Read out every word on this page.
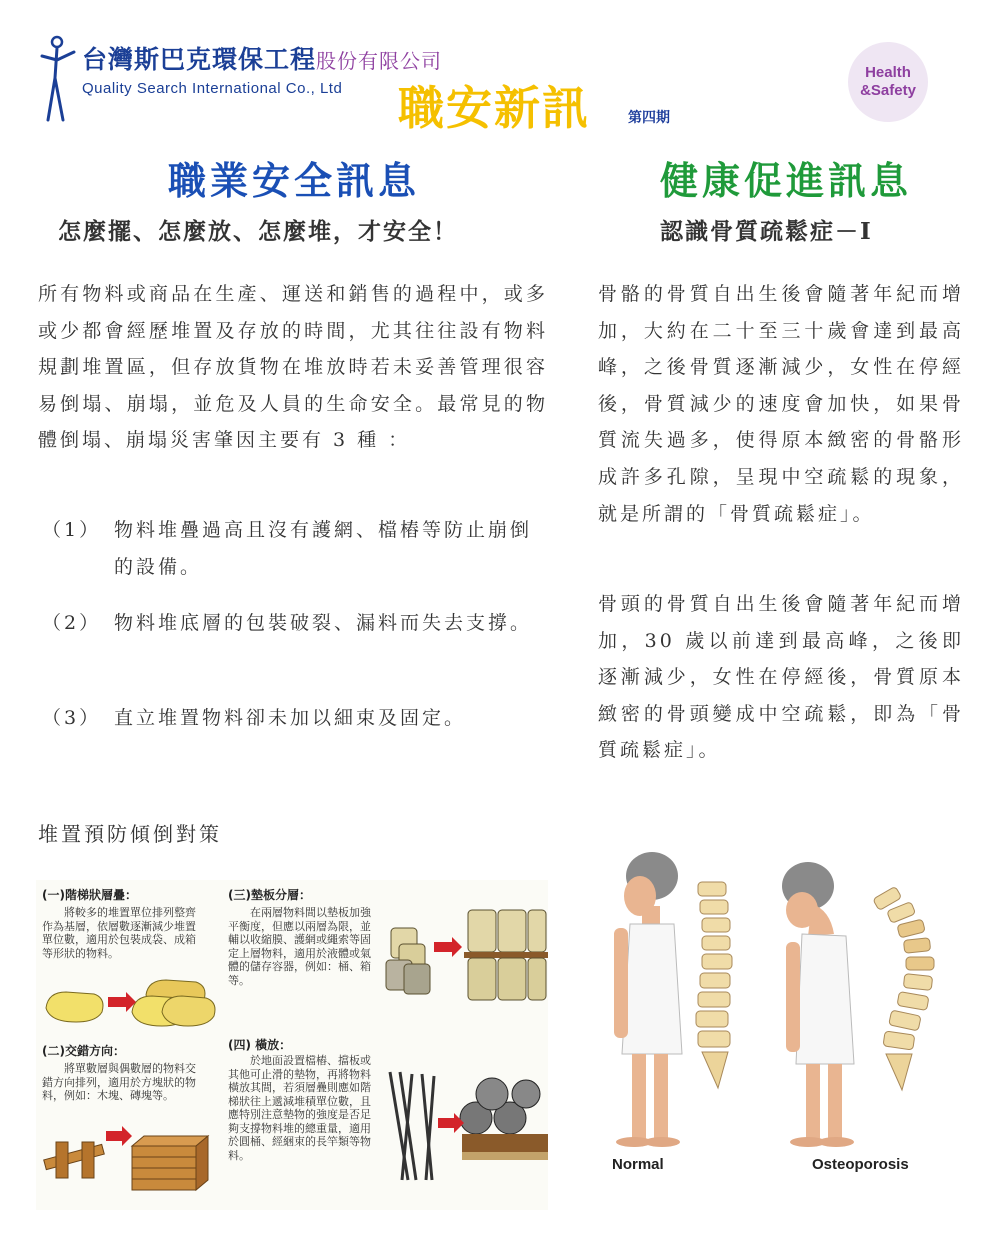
台灣斯巴克環保工程股份有限公司
Quality Search International Co., Ltd 職安新訊	第四期
Health
&Safety
職業安全訊息	健康促進訊息
怎麼擺、怎麼放、怎麼堆，才安全！	認識骨質疏鬆症－Ⅰ
所有物料或商品在生產、運送和銷售的過程中，或多或少都會經歷堆置及存放的時間，尤其往往設有物料規劃堆置區，但存放貨物在堆放時若未妥善管理很容易倒塌、崩塌，並危及人員的生命安全。最常見的物體倒塌、崩塌災害肇因主要有 3 種 ：
（1） 物料堆疊過高且沒有護網、檔樁等防止崩倒的設備。
（2） 物料堆底層的包裝破裂、漏料而失去支撐。
（3） 直立堆置物料卻未加以細束及固定。
堆置預防傾倒對策
(一)階梯狀層疊：
將較多的堆置單位排列整齊作為基層，依層數逐漸減少堆置單位數，適用於包裝成袋、成箱等形狀的物料。
(三)墊板分層：
在兩層物料間以墊板加強平衡度，但應以兩層為限，並輔以收縮膜、護網或繩索等固定上層物料，適用於液體或氣體的儲存容器，例如：桶、箱等。
(二)交錯方向：
將單數層與偶數層的物料交錯方向排列，適用於方塊狀的物料，例如：木塊、磚塊等。
(四) 橫放：
於地面設置檔樁、擋板或其他可止滑的墊物，再將物料橫放其間，若須層疊則應如階梯狀往上遞減堆積單位數，且應特別注意墊物的強度是否足夠支撐物料堆的總重量，適用於圓桶、經綑束的長竿類等物料。
骨骼的骨質自出生後會隨著年紀而增加，大約在二十至三十歲會達到最高峰，之後骨質逐漸減少，女性在停經後，骨質減少的速度會加快，如果骨質流失過多，使得原本緻密的骨骼形成許多孔隙，呈現中空疏鬆的現象，就是所謂的「骨質疏鬆症」。
骨頭的骨質自出生後會隨著年紀而增加，30 歲以前達到最高峰，之後即逐漸減少，女性在停經後，骨質原本緻密的骨頭變成中空疏鬆，即為「骨質疏鬆症」。
Normal	Osteoporosis
